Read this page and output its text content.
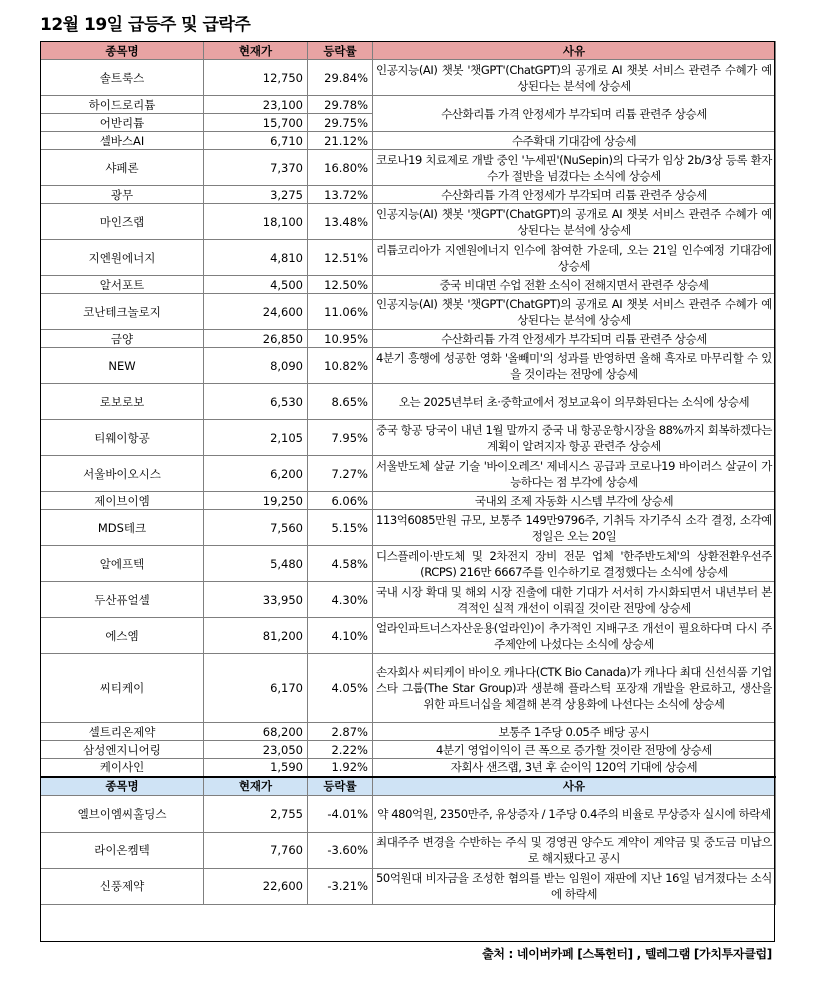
12월 19일 급등주 및 급락주
종목명	현재가	등락률	사유
솔트룩스	12,750	29.84%	인공지능(AI) 챗봇 '챗GPT'(ChatGPT)의 공개로 AI 챗봇 서비스 관련주 수혜가 예상된다는 분석에 상승세
하이드로리튬	23,100	29.78%	수산화리튬 가격 안정세가 부각되며 리튬 관련주 상승세
어반리튬	15,700	29.75%	
셀바스AI	6,710	21.12%	수주확대 기대감에 상승세
샤페론	7,370	16.80%	코로나19 치료제로 개발 중인 '누세핀'(NuSepin)의 다국가 임상 2b/3상 등록 환자수가 절반을 넘겼다는 소식에 상승세
광무	3,275	13.72%	수산화리튬 가격 안정세가 부각되며 리튬 관련주 상승세
마인즈랩	18,100	13.48%	인공지능(AI) 챗봇 '챗GPT'(ChatGPT)의 공개로 AI 챗봇 서비스 관련주 수혜가 예상된다는 분석에 상승세
지엔원에너지	4,810	12.51%	리튬코리아가 지엔원에너지 인수에 참여한 가운데, 오는 21일 인수예정 기대감에 상승세
알서포트	4,500	12.50%	중국 비대면 수업 전환 소식이 전해지면서 관련주 상승세
코난테크놀로지	24,600	11.06%	인공지능(AI) 챗봇 '챗GPT'(ChatGPT)의 공개로 AI 챗봇 서비스 관련주 수혜가 예상된다는 분석에 상승세
금양	26,850	10.95%	수산화리튬 가격 안정세가 부각되며 리튬 관련주 상승세
NEW	8,090	10.82%	4분기 흥행에 성공한 영화 '올빼미'의 성과를 반영하면 올해 흑자로 마무리할 수 있을 것이라는 전망에 상승세
로보로보	6,530	8.65%	오는 2025년부터 초·중학교에서 정보교육이 의무화된다는 소식에 상승세
티웨이항공	2,105	7.95%	중국 항공 당국이 내년 1월 말까지 중국 내 항공운항시장을 88%까지 회복하겠다는 계획이 알려지자 항공 관련주 상승세
서울바이오시스	6,200	7.27%	서울반도체 살균 기술 '바이오레즈' 제네시스 공급과 코로나19 바이러스 살균이 가능하다는 점 부각에 상승세
제이브이엠	19,250	6.06%	국내외 조제 자동화 시스템 부각에 상승세
MDS테크	7,560	5.15%	113억6085만원 규모, 보통주 149만9796주, 기취득 자기주식 소각 결정, 소각예정일은 오는 20일
알에프텍	5,480	4.58%	디스플레이·반도체 및 2차전지 장비 전문 업체 '한주반도체'의 상환전환우선주(RCPS) 216만 6667주를 인수하기로 결정했다는 소식에 상승세
두산퓨얼셀	33,950	4.30%	국내 시장 확대 및 해외 시장 진출에 대한 기대가 서서히 가시화되면서 내년부터 본격적인 실적 개선이 이뤄질 것이란 전망에 상승세
에스엠	81,200	4.10%	얼라인파트너스자산운용(얼라인)이 추가적인 지배구조 개선이 필요하다며 다시 주주제안에 나섰다는 소식에 상승세
씨티케이	6,170	4.05%	손자회사 씨티케이 바이오 캐나다(CTK Bio Canada)가 캐나다 최대 신선식품 기업 스타 그룹(The Star Group)과 생분해 플라스틱 포장재 개발을 완료하고, 생산을 위한 파트너십을 체결해 본격 상용화에 나선다는 소식에 상승세
셀트리온제약	68,200	2.87%	보통주 1주당 0.05주 배당 공시
삼성엔지니어링	23,050	2.22%	4분기 영업이익이 큰 폭으로 증가할 것이란 전망에 상승세
케이사인	1,590	1.92%	자회사 샌즈랩, 3년 후 순이익 120억 기대에 상승세
종목명	현재가	등락률	사유
엘브이엠씨홀딩스	2,755	-4.01%	약 480억원, 2350만주, 유상증자 / 1주당 0.4주의 비율로 무상증자 실시에 하락세
라이온켐텍	7,760	-3.60%	최대주주 변경을 수반하는 주식 및 경영권 양수도 계약이 계약금 및 중도금 미납으로 해지됐다고 공시
신풍제약	22,600	-3.21%	50억원대 비자금을 조성한 혐의를 받는 임원이 재판에 지난 16일 넘겨졌다는 소식에 하락세
출처 : 네이버카페 [스톡헌터] , 텔레그램 [가치투자클럽]
